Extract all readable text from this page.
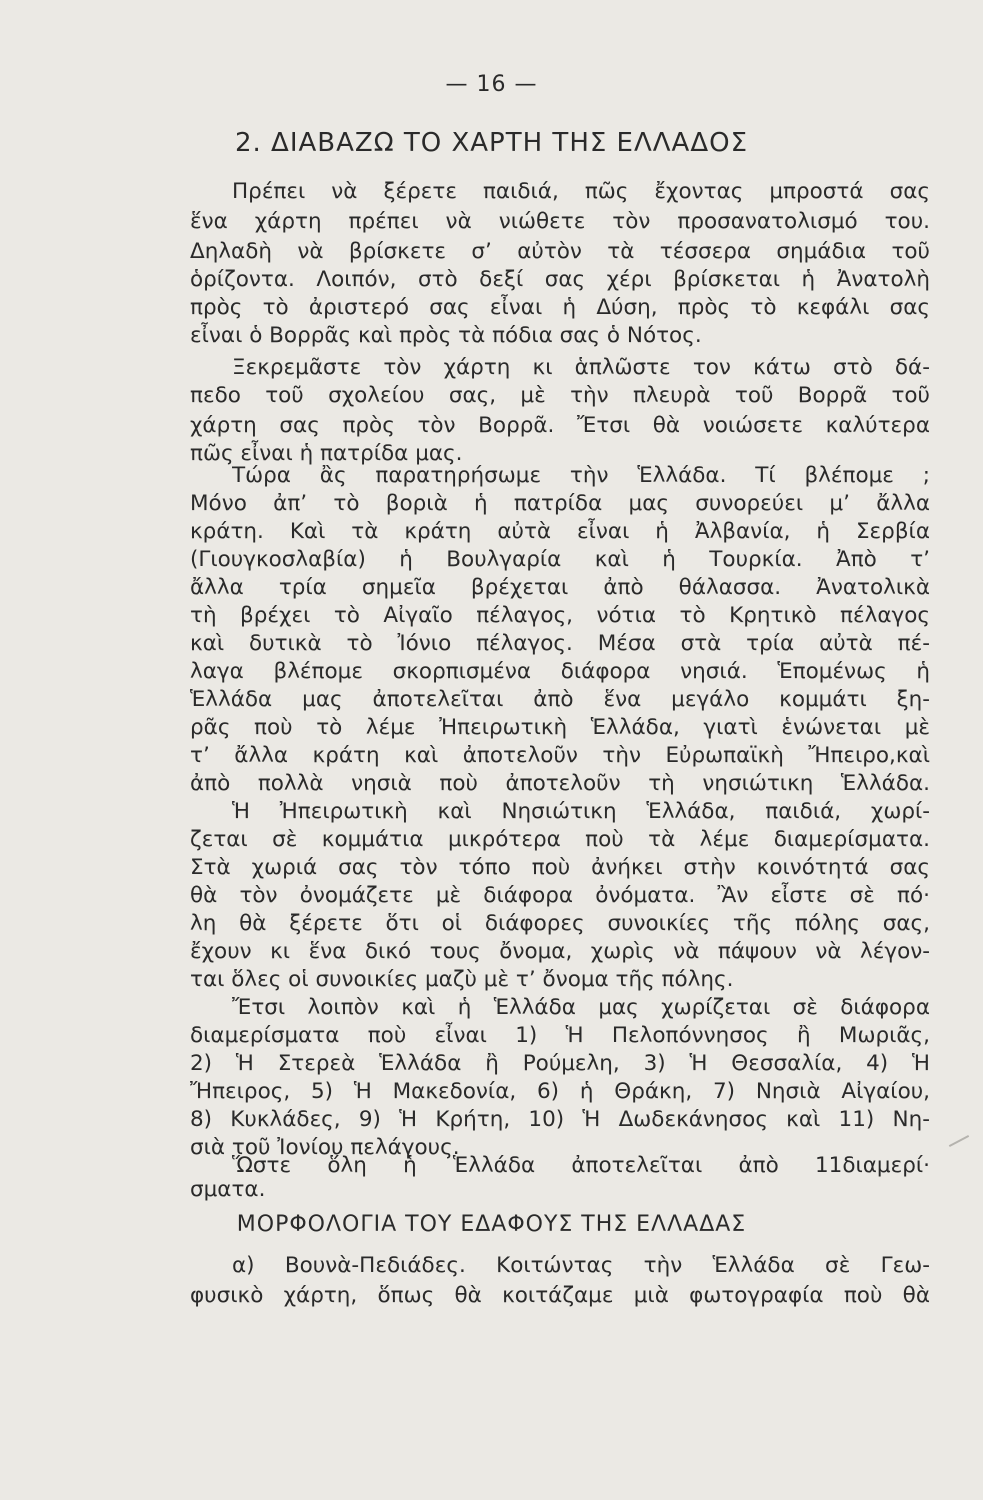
— 16 —
2. ΔΙΑΒΑΖΩ ΤΟ ΧΑΡΤΗ ΤΗΣ ΕΛΛΑΔΟΣ
Πρέπει νὰ ξέρετε παιδιά, πῶς ἔχοντας μπροστά σας
ἕνα χάρτη πρέπει νὰ νιώθετε τὸν προσανατολισμό του.
Δηλαδὴ νὰ βρίσκετε σ’ αὐτὸν τὰ τέσσερα σημάδια τοῦ
ὁρίζοντα. Λοιπόν, στὸ δεξί σας χέρι βρίσκεται ἡ Ἀνατολὴ
πρὸς τὸ ἀριστερό σας εἶναι ἡ Δύση, πρὸς τὸ κεφάλι σας
εἶναι ὁ Βορρᾶς καὶ πρὸς τὰ πόδια σας ὁ Νότος.
Ξεκρεμᾶστε τὸν χάρτη κι ἁπλῶστε τον κάτω στὸ δά-
πεδο τοῦ σχολείου σας, μὲ τὴν πλευρὰ τοῦ Βορρᾶ τοῦ
χάρτη σας πρὸς τὸν Βορρᾶ. Ἔτσι θὰ νοιώσετε καλύτερα
πῶς εἶναι ἡ πατρίδα μας.
Τώρα ἂς παρατηρήσωμε τὴν Ἑλλάδα. Τί βλέπομε ;
Μόνο ἀπ’ τὸ βοριὰ ἡ πατρίδα μας συνορεύει μ’ ἄλλα
κράτη. Καὶ τὰ κράτη αὐτὰ εἶναι ἡ Ἀλβανία, ἡ Σερβία
(Γιουγκοσλαβία) ἡ Βουλγαρία καὶ ἡ Τουρκία. Ἀπὸ τ’
ἄλλα τρία σημεῖα βρέχεται ἀπὸ θάλασσα. Ἀνατολικὰ
τὴ βρέχει τὸ Αἰγαῖο πέλαγος, νότια τὸ Κρητικὸ πέλαγος
καὶ δυτικὰ τὸ Ἰόνιο πέλαγος. Μέσα στὰ τρία αὐτὰ πέ-
λαγα βλέπομε σκορπισμένα διάφορα νησιά. Ἑπομένως ἡ
Ἑλλάδα μας ἀποτελεῖται ἀπὸ ἕνα μεγάλο κομμάτι ξη-
ρᾶς ποὺ τὸ λέμε Ἠπειρωτικὴ Ἑλλάδα, γιατὶ ἑνώνεται μὲ
τ’ ἄλλα κράτη καὶ ἀποτελοῦν τὴν Εὐρωπαϊκὴ Ἤπειρο,καὶ
ἀπὸ πολλὰ νησιὰ ποὺ ἀποτελοῦν τὴ νησιώτικη Ἑλλάδα.
Ἡ Ἠπειρωτικὴ καὶ Νησιώτικη Ἑλλάδα, παιδιά, χωρί-
ζεται σὲ κομμάτια μικρότερα ποὺ τὰ λέμε διαμερίσματα.
Στὰ χωριά σας τὸν τόπο ποὺ ἀνήκει στὴν κοινότητά σας
θὰ τὸν ὀνομάζετε μὲ διάφορα ὀνόματα. Ἂν εἶστε σὲ πό·
λη θὰ ξέρετε ὅτι οἱ διάφορες συνοικίες τῆς πόλης σας,
ἔχουν κι ἕνα δικό τους ὄνομα, χωρὶς νὰ πάψουν νὰ λέγον-
ται ὅλες οἱ συνοικίες μαζὺ μὲ τ’ ὄνομα τῆς πόλης.
Ἔτσι λοιπὸν καὶ ἡ Ἑλλάδα μας χωρίζεται σὲ διάφορα
διαμερίσματα ποὺ εἶναι 1) Ἡ Πελοπόννησος ἢ Μωριᾶς,
2) Ἡ Στερεὰ Ἑλλάδα ἢ Ρούμελη, 3) Ἡ Θεσσαλία, 4) Ἡ
Ἤπειρος, 5) Ἡ Μακεδονία, 6) ἡ Θράκη, 7) Νησιὰ Αἰγαίου,
8) Κυκλάδες, 9) Ἡ Κρήτη, 10) Ἡ Δωδεκάνησος καὶ 11) Νη-
σιὰ τοῦ Ἰονίου πελάγους.
Ὥστε ὅλη ἡ Ἑλλάδα ἀποτελεῖται ἀπὸ 11διαμερί·
σματα.
ΜΟΡΦΟΛΟΓΙΑ ΤΟΥ ΕΔΑΦΟΥΣ ΤΗΣ ΕΛΛΑΔΑΣ
α) Βουνὰ-Πεδιάδες. Κοιτώντας τὴν Ἑλλάδα σὲ Γεω-
φυσικὸ χάρτη, ὅπως θὰ κοιτάζαμε μιὰ φωτογραφία ποὺ θὰ
